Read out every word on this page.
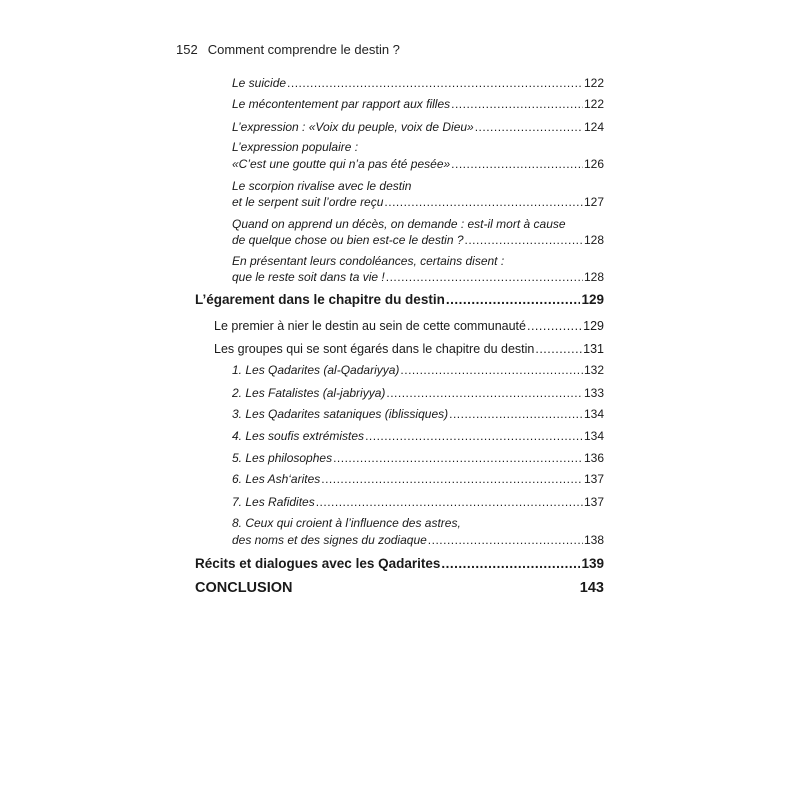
152 Comment comprendre le destin ?
Le suicide .....	122
Le mécontentement par rapport aux filles .....	122
L’expression : «Voix du peuple, voix de Dieu» .....	124
L’expression populaire :
«C’est une goutte qui n’a pas été pesée» .....	126
Le scorpion rivalise avec le destin
et le serpent suit l’ordre reçu .....	127
Quand on apprend un décès, on demande : est-il mort à cause
de quelque chose ou bien est-ce le destin ? .....	128
En présentant leurs condoléances, certains disent :
que le reste soit dans ta vie ! .....	128
L’égarement dans le chapitre du destin .....	129
Le premier à nier le destin au sein de cette communauté .....	129
Les groupes qui se sont égarés dans le chapitre du destin .....	131
1. Les Qadarites (al-Qadariyya) .....	132
2. Les Fatalistes (al-jabriyya) .....	133
3. Les Qadarites sataniques (iblissiques) .....	134
4. Les soufis extrémistes .....	134
5. Les philosophes .....	136
6. Les Ash‘arites .....	137
7. Les Rafidites .....	137
8. Ceux qui croient à l’influence des astres,
des noms et des signes du zodiaque .....	138
Récits et dialogues avec les Qadarites .....	139
CONCLUSION	143
